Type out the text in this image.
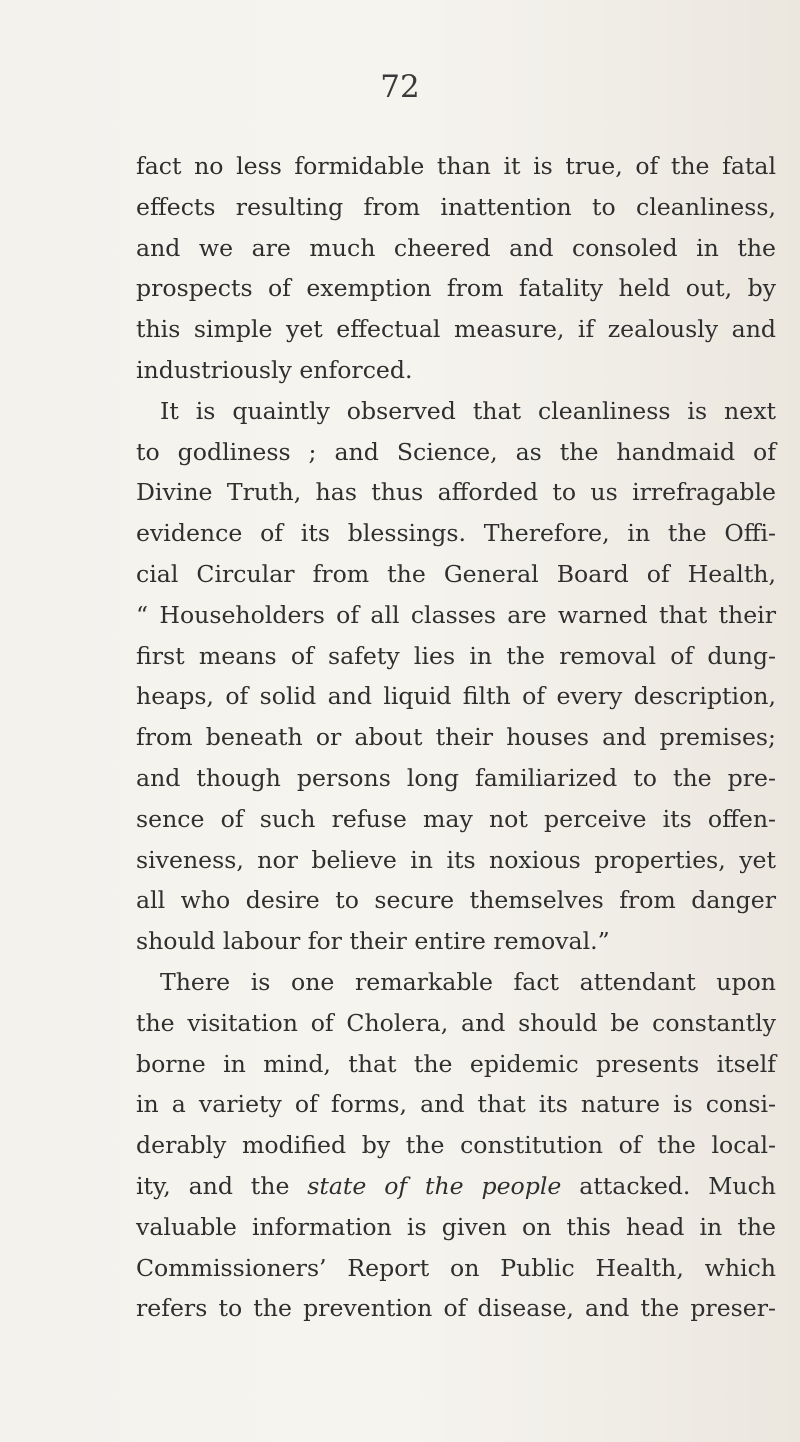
72
fact no less formidable than it is true, of the fatal
effects resulting from inattention to cleanliness,
and we are much cheered and consoled in the
prospects of exemption from fatality held out, by
this simple yet effectual measure, if zealously and
industriously enforced.
It is quaintly observed that cleanliness is next
to godliness ; and Science, as the handmaid of
Divine Truth, has thus afforded to us irrefragable
evidence of its blessings. Therefore, in the Offi-
cial Circular from the General Board of Health,
“ Householders of all classes are warned that their
first means of safety lies in the removal of dung-
heaps, of solid and liquid filth of every description,
from beneath or about their houses and premises;
and though persons long familiarized to the pre-
sence of such refuse may not perceive its offen-
siveness, nor believe in its noxious properties, yet
all who desire to secure themselves from danger
should labour for their entire removal.”
There is one remarkable fact attendant upon
the visitation of Cholera, and should be constantly
borne in mind, that the epidemic presents itself
in a variety of forms, and that its nature is consi-
derably modified by the constitution of the local-
ity, and the state of the people attacked. Much
valuable information is given on this head in the
Commissioners’ Report on Public Health, which
refers to the prevention of disease, and the preser-
